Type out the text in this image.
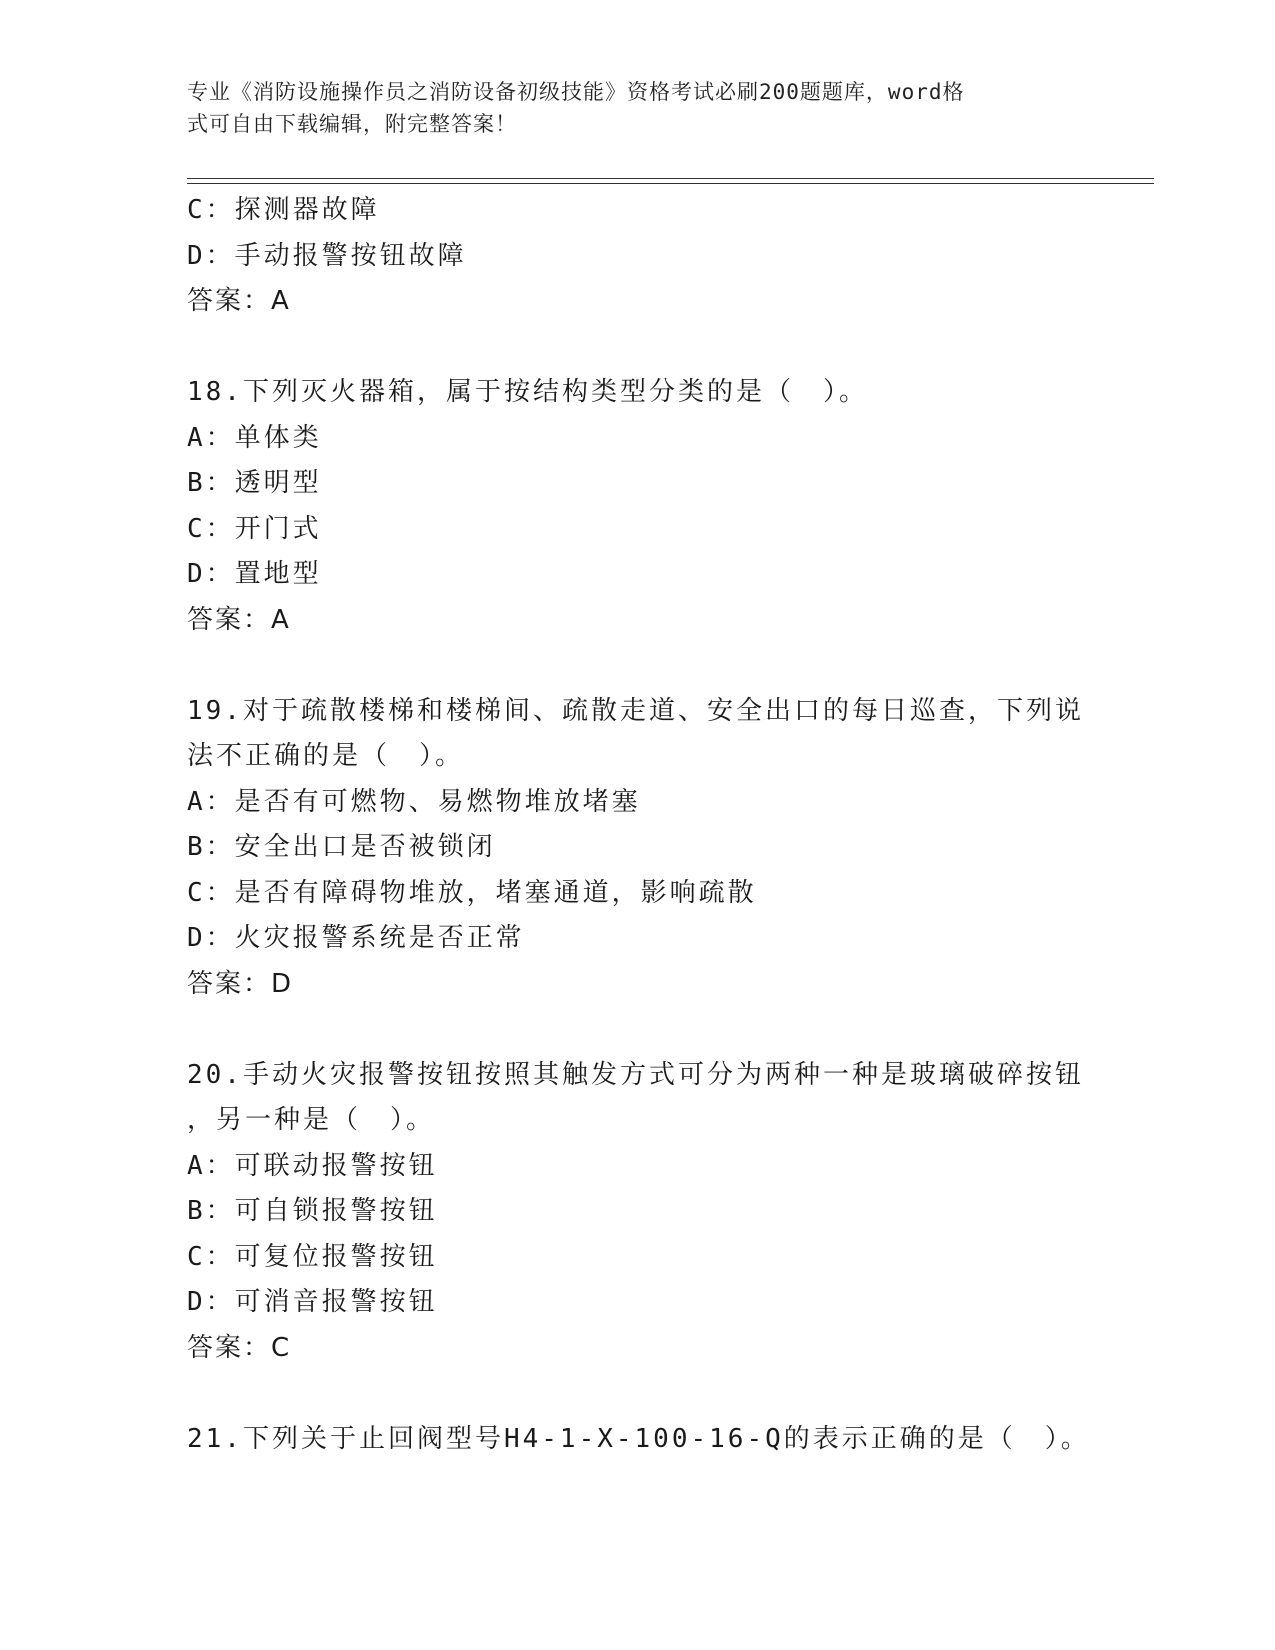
专业《消防设施操作员之消防设备初级技能》资格考试必刷200题题库，word格
式可自由下载编辑，附完整答案！
C：探测器故障
D：手动报警按钮故障
答案：A
18.下列灭火器箱，属于按结构类型分类的是（　）。
A：单体类
B：透明型
C：开门式
D：置地型
答案：A
19.对于疏散楼梯和楼梯间、疏散走道、安全出口的每日巡查，下列说
法不正确的是（　）。
A：是否有可燃物、易燃物堆放堵塞
B：安全出口是否被锁闭
C：是否有障碍物堆放，堵塞通道，影响疏散
D：火灾报警系统是否正常
答案：D
20.手动火灾报警按钮按照其触发方式可分为两种一种是玻璃破碎按钮
，另一种是（　）。
A：可联动报警按钮
B：可自锁报警按钮
C：可复位报警按钮
D：可消音报警按钮
答案：C
21.下列关于止回阀型号H4-1-X-100-16-Q的表示正确的是（　）。
